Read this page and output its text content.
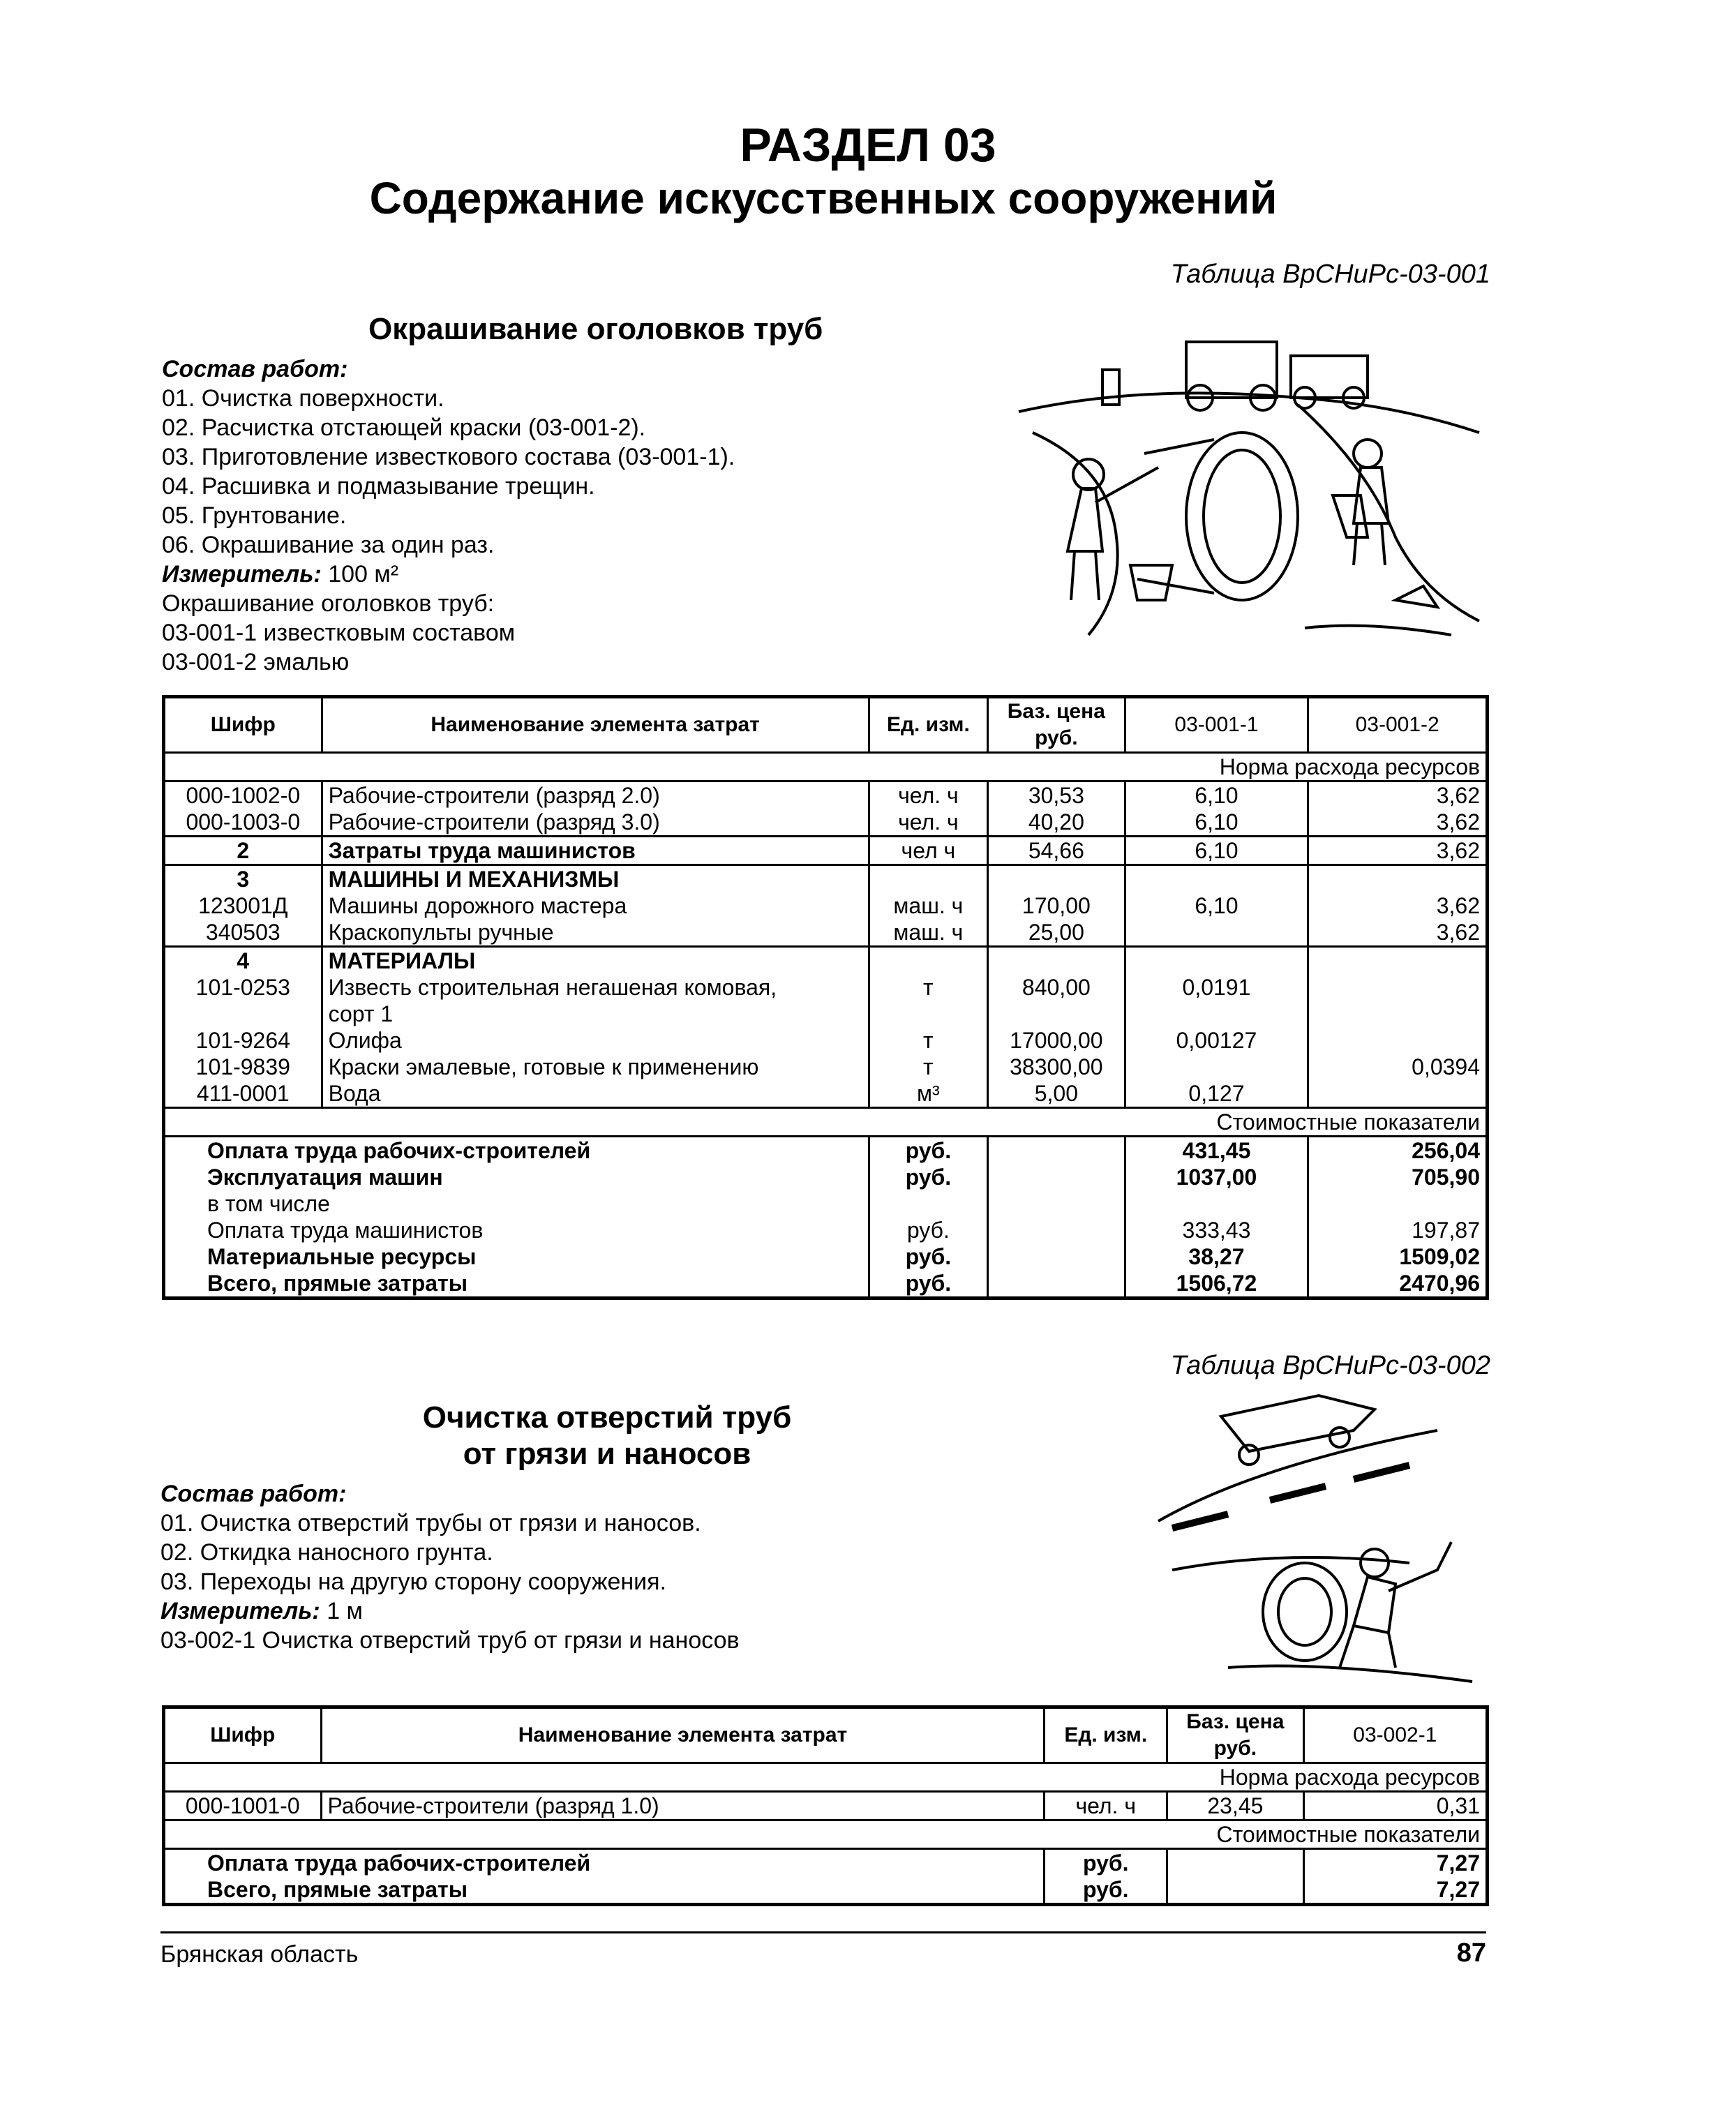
РАЗДЕЛ 03
Содержание искусственных сооружений
Таблица ВрСНиРс-03-001
Окрашивание оголовков труб
Состав работ:
01. Очистка поверхности.
02. Расчистка отстающей краски (03-001-2).
03. Приготовление известкового состава (03-001-1).
04. Расшивка и подмазывание трещин.
05. Грунтование.
06. Окрашивание за один раз.
Измеритель: 100 м²
Окрашивание оголовков труб:
03-001-1 известковым составом
03-001-2 эмалью
Шифр	Наименование элемента затрат	Ед. изм.	Баз. цена руб.	03-001-1	03-001-2
Норма расхода ресурсов					
000-1002-0	Рабочие-строители (разряд 2.0)	чел. ч	30,53	6,10	3,62
000-1003-0	Рабочие-строители (разряд 3.0)	чел. ч	40,20	6,10	3,62
2	Затраты труда машинистов	чел ч	54,66	6,10	3,62
3	МАШИНЫ И МЕХАНИЗМЫ				
123001Д	Машины дорожного мастера	маш. ч	170,00	6,10	3,62
340503	Краскопульты ручные	маш. ч	25,00		3,62
4	МАТЕРИАЛЫ				
101-0253	Известь строительная негашеная комовая,	т	840,00	0,0191	
	сорт 1				
101-9264	Олифа	т	17000,00	0,00127	
101-9839	Краски эмалевые, готовые к применению	т	38300,00		0,0394
411-0001	Вода	м³	5,00	0,127	
Стоимостные показатели					
Оплата труда рабочих-строителей		руб.		431,45	256,04
Эксплуатация машин		руб.		1037,00	705,90
в том числе					
Оплата труда машинистов		руб.		333,43	197,87
Материальные ресурсы		руб.		38,27	1509,02
Всего, прямые затраты		руб.		1506,72	2470,96
Таблица ВрСНиРс-03-002
Очистка отверстий труб
от грязи и наносов
Состав работ:
01. Очистка отверстий трубы от грязи и наносов.
02. Откидка наносного грунта.
03. Переходы на другую сторону сооружения.
Измеритель: 1 м
03-002-1 Очистка отверстий труб от грязи и наносов
Шифр	Наименование элемента затрат	Ед. изм.	Баз. цена руб.	03-002-1
Норма расхода ресурсов				
000-1001-0	Рабочие-строители (разряд 1.0)	чел. ч	23,45	0,31
Стоимостные показатели				
Оплата труда рабочих-строителей		руб.		7,27
Всего, прямые затраты		руб.		7,27
Брянская область	87
